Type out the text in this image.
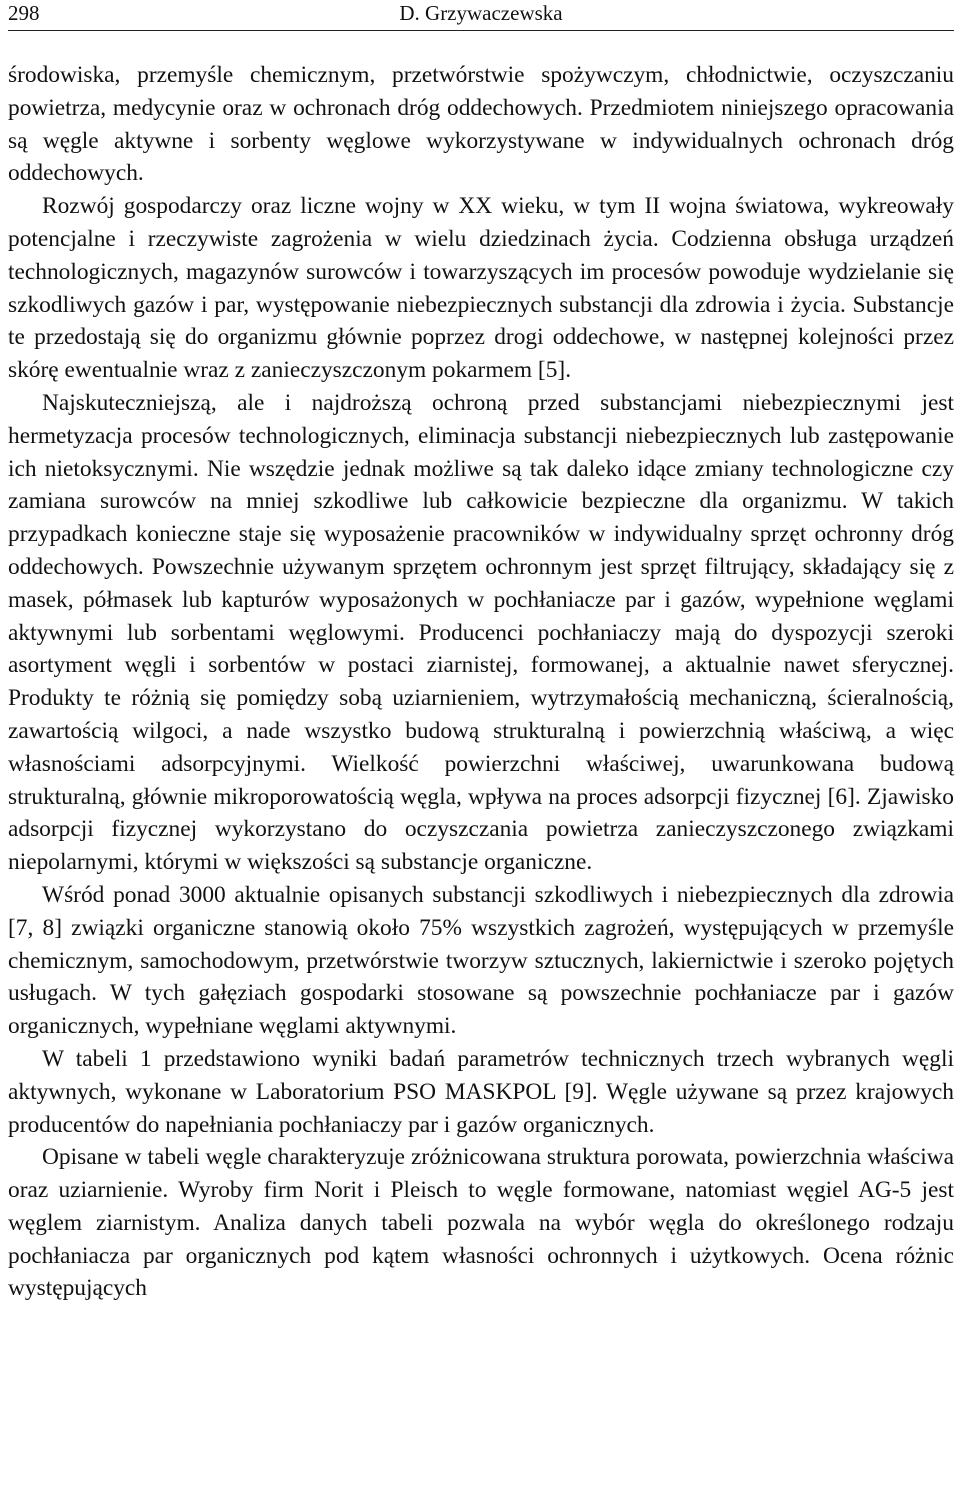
298	D. Grzywaczewska

środowiska, przemyśle chemicznym, przetwórstwie spożywczym, chłodnictwie, oczyszczaniu powietrza, medycynie oraz w ochronach dróg oddechowych. Przedmiotem niniejszego opracowania są węgle aktywne i sorbenty węglowe wykorzystywane w indywidualnych ochronach dróg oddechowych.

Rozwój gospodarczy oraz liczne wojny w XX wieku, w tym II wojna światowa, wykreowały potencjalne i rzeczywiste zagrożenia w wielu dziedzinach życia. Codzienna obsługa urządzeń technologicznych, magazynów surowców i towarzyszących im procesów powoduje wydzielanie się szkodliwych gazów i par, występowanie niebezpiecznych substancji dla zdrowia i życia. Substancje te przedostają się do organizmu głównie poprzez drogi oddechowe, w następnej kolejności przez skórę ewentualnie wraz z zanieczyszczonym pokarmem [5].

Najskuteczniejszą, ale i najdroższą ochroną przed substancjami niebezpiecznymi jest hermetyzacja procesów technologicznych, eliminacja substancji niebezpiecznych lub zastępowanie ich nietoksycznymi. Nie wszędzie jednak możliwe są tak daleko idące zmiany technologiczne czy zamiana surowców na mniej szkodliwe lub całkowicie bezpieczne dla organizmu. W takich przypadkach konieczne staje się wyposażenie pracowników w indywidualny sprzęt ochronny dróg oddechowych. Powszechnie używanym sprzętem ochronnym jest sprzęt filtrujący, składający się z masek, półmasek lub kapturów wyposażonych w pochłaniacze par i gazów, wypełnione węglami aktywnymi lub sorbentami węglowymi. Producenci pochłaniaczy mają do dyspozycji szeroki asortyment węgli i sorbentów w postaci ziarnistej, formowanej, a aktualnie nawet sferycznej. Produkty te różnią się pomiędzy sobą uziarnieniem, wytrzymałością mechaniczną, ścieralnością, zawartością wilgoci, a nade wszystko budową strukturalną i powierzchnią właściwą, a więc własnościami adsorpcyjnymi. Wielkość powierzchni właściwej, uwarunkowana budową strukturalną, głównie mikroporowatością węgla, wpływa na proces adsorpcji fizycznej [6]. Zjawisko adsorpcji fizycznej wykorzystano do oczyszczania powietrza zanieczyszczonego związkami niepolarnymi, którymi w większości są substancje organiczne.

Wśród ponad 3000 aktualnie opisanych substancji szkodliwych i niebezpiecznych dla zdrowia [7, 8] związki organiczne stanowią około 75% wszystkich zagrożeń, występujących w przemyśle chemicznym, samochodowym, przetwórstwie tworzyw sztucznych, lakiernictwie i szeroko pojętych usługach. W tych gałęziach gospodarki stosowane są powszechnie pochłaniacze par i gazów organicznych, wypełniane węglami aktywnymi.

W tabeli 1 przedstawiono wyniki badań parametrów technicznych trzech wybranych węgli aktywnych, wykonane w Laboratorium PSO MASKPOL [9]. Węgle używane są przez krajowych producentów do napełniania pochłaniaczy par i gazów organicznych.

Opisane w tabeli węgle charakteryzuje zróżnicowana struktura porowata, powierzchnia właściwa oraz uziarnienie. Wyroby firm Norit i Pleisch to węgle formowane, natomiast węgiel AG-5 jest węglem ziarnistym. Analiza danych tabeli pozwala na wybór węgla do określonego rodzaju pochłaniacza par organicznych pod kątem własności ochronnych i użytkowych. Ocena różnic występujących
